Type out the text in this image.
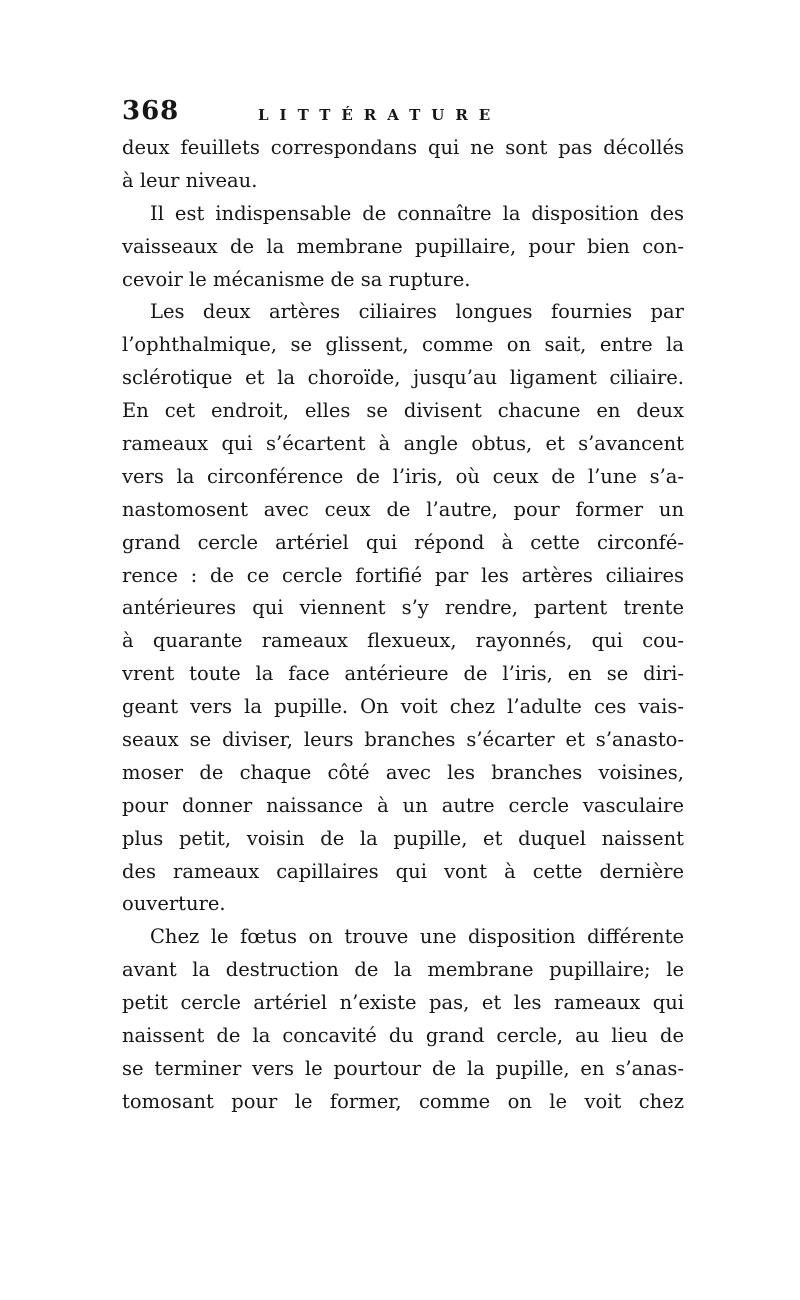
368	LITTÉRATURE
deux feuillets correspondans qui ne sont pas décollés
à leur niveau.
Il est indispensable de connaître la disposition des
vaisseaux de la membrane pupillaire, pour bien con-
cevoir le mécanisme de sa rupture.
Les deux artères ciliaires longues fournies par
l’ophthalmique, se glissent, comme on sait, entre la
sclérotique et la choroïde, jusqu’au ligament ciliaire.
En cet endroit, elles se divisent chacune en deux
rameaux qui s’écartent à angle obtus, et s’avancent
vers la circonférence de l’iris, où ceux de l’une s’a-
nastomosent avec ceux de l’autre, pour former un
grand cercle artériel qui répond à cette circonfé-
rence : de ce cercle fortifié par les artères ciliaires
antérieures qui viennent s’y rendre, partent trente
à quarante rameaux flexueux, rayonnés, qui cou-
vrent toute la face antérieure de l’iris, en se diri-
geant vers la pupille. On voit chez l’adulte ces vais-
seaux se diviser, leurs branches s’écarter et s’anasto-
moser de chaque côté avec les branches voisines,
pour donner naissance à un autre cercle vasculaire
plus petit, voisin de la pupille, et duquel naissent
des rameaux capillaires qui vont à cette dernière
ouverture.
Chez le fœtus on trouve une disposition différente
avant la destruction de la membrane pupillaire; le
petit cercle artériel n’existe pas, et les rameaux qui
naissent de la concavité du grand cercle, au lieu de
se terminer vers le pourtour de la pupille, en s’anas-
tomosant pour le former, comme on le voit chez
